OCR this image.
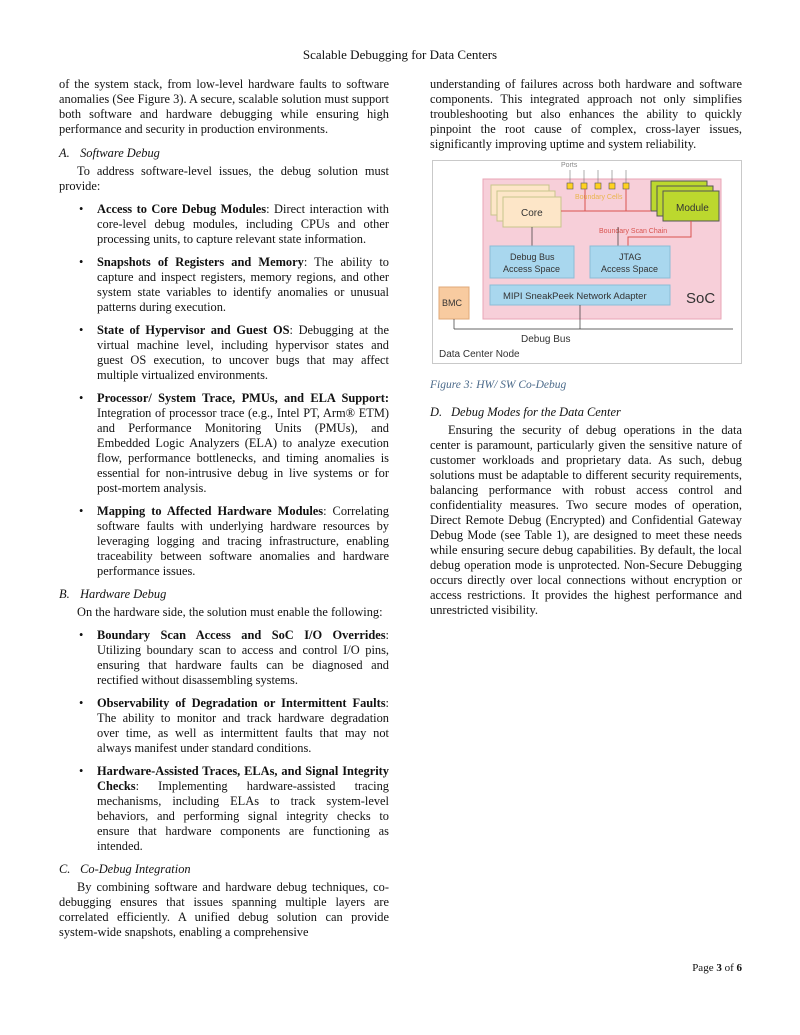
Scalable Debugging for Data Centers

of the system stack, from low-level hardware faults to software anomalies (See Figure 3). A secure, scalable solution must support both software and hardware debugging while ensuring high performance and security in production environments.

A. Software Debug

To address software-level issues, the debug solution must provide:

• Access to Core Debug Modules: Direct interaction with core-level debug modules, including CPUs and other processing units, to capture relevant state information.
• Snapshots of Registers and Memory: The ability to capture and inspect registers, memory regions, and other system state variables to identify anomalies or unusual patterns during execution.
• State of Hypervisor and Guest OS: Debugging at the virtual machine level, including hypervisor states and guest OS execution, to uncover bugs that may affect multiple virtualized environments.
• Processor/ System Trace, PMUs, and ELA Support: Integration of processor trace (e.g., Intel PT, Arm® ETM) and Performance Monitoring Units (PMUs), and Embedded Logic Analyzers (ELA) to analyze execution flow, performance bottlenecks, and timing anomalies is essential for non-intrusive debug in live systems or for post-mortem analysis.
• Mapping to Affected Hardware Modules: Correlating software faults with underlying hardware resources by leveraging logging and tracing infrastructure, enabling traceability between software anomalies and hardware performance issues.
B. Hardware Debug

On the hardware side, the solution must enable the following:

• Boundary Scan Access and SoC I/O Overrides: Utilizing boundary scan to access and control I/O pins, ensuring that hardware faults can be diagnosed and rectified without disassembling systems.
• Observability of Degradation or Intermittent Faults: The ability to monitor and track hardware degradation over time, as well as intermittent faults that may not always manifest under standard conditions.
• Hardware-Assisted Traces, ELAs, and Signal Integrity Checks: Implementing hardware-assisted tracing mechanisms, including ELAs to track system-level behaviors, and performing signal integrity checks to ensure that hardware components are functioning as intended.
C. Co-Debug Integration

By combining software and hardware debug techniques, co-debugging ensures that issues spanning multiple layers are correlated efficiently. A unified debug solution can provide system-wide snapshots, enabling a comprehensive

understanding of failures across both hardware and software components. This integrated approach not only simplifies troubleshooting but also enhances the ability to quickly pinpoint the root cause of complex, cross-layer issues, significantly improving uptime and system reliability.

Ports
Boundary Cells
Core	Module
Boundary Scan Chain
Debug Bus
Access Space
JTAG
Access Space
MIPI SneakPeek Network Adapter	SoC
BMC
Debug Bus
Data Center Node
Figure 3: HW/ SW Co-Debug
D. Debug Modes for the Data Center

Ensuring the security of debug operations in the data center is paramount, particularly given the sensitive nature of customer workloads and proprietary data. As such, debug solutions must be adaptable to different security requirements, balancing performance with robust access control and confidentiality measures. Two secure modes of operation, Direct Remote Debug (Encrypted) and Confidential Gateway Debug Mode (see Table 1), are designed to meet these needs while ensuring secure debug capabilities. By default, the local debug operation mode is unprotected. Non-Secure Debugging occurs directly over local connections without encryption or access restrictions. It provides the highest performance and unrestricted visibility.

Page 3 of 6
